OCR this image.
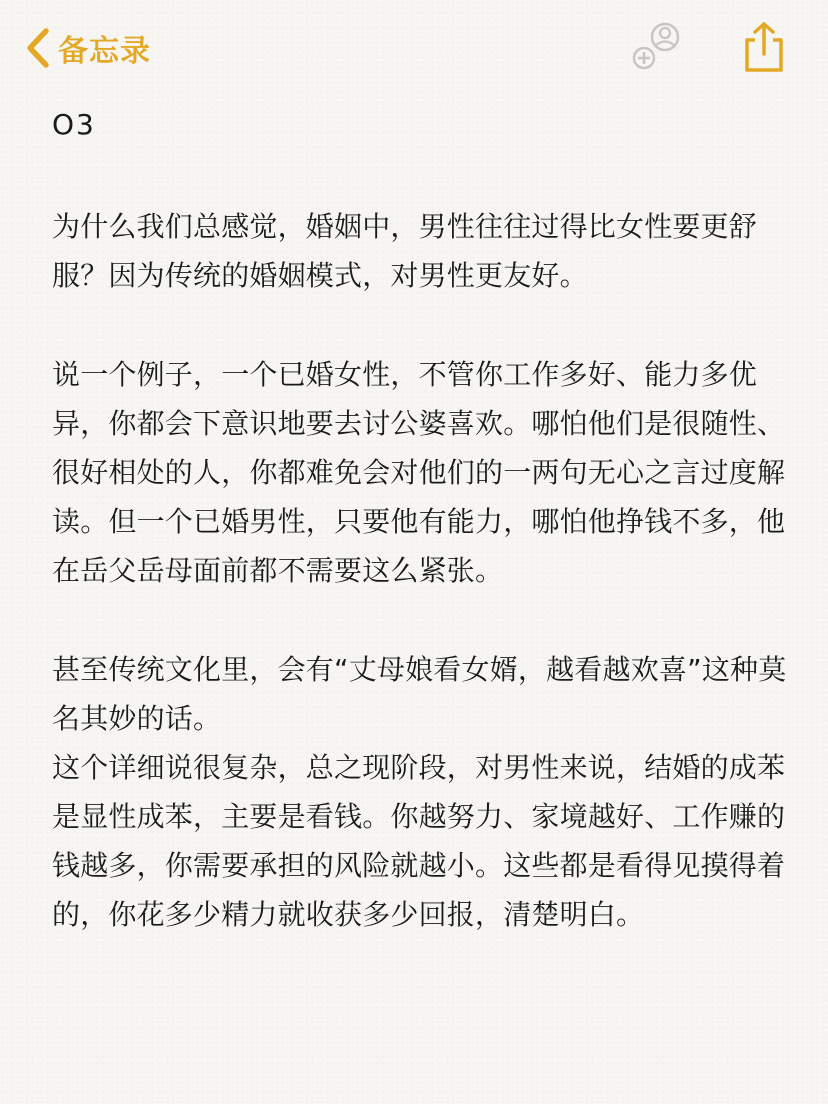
备忘录
O3

为什么我们总感觉，婚姻中，男性往往过得比女性要更舒服？因为传统的婚姻模式，对男性更友好。

说一个例子，一个已婚女性，不管你工作多好、能力多优异，你都会下意识地要去讨公婆喜欢。哪怕他们是很随性、很好相处的人，你都难免会对他们的一两句无心之言过度解读。但一个已婚男性，只要他有能力，哪怕他挣钱不多，他在岳父岳母面前都不需要这么紧张。

甚至传统文化里，会有“丈母娘看女婿，越看越欢喜”这种莫名其妙的话。

这个详细说很复杂，总之现阶段，对男性来说，结婚的成苯是显性成苯，主要是看钱。你越努力、家境越好、工作赚的钱越多，你需要承担的风险就越小。这些都是看得见摸得着的，你花多少精力就收获多少回报，清楚明白。
